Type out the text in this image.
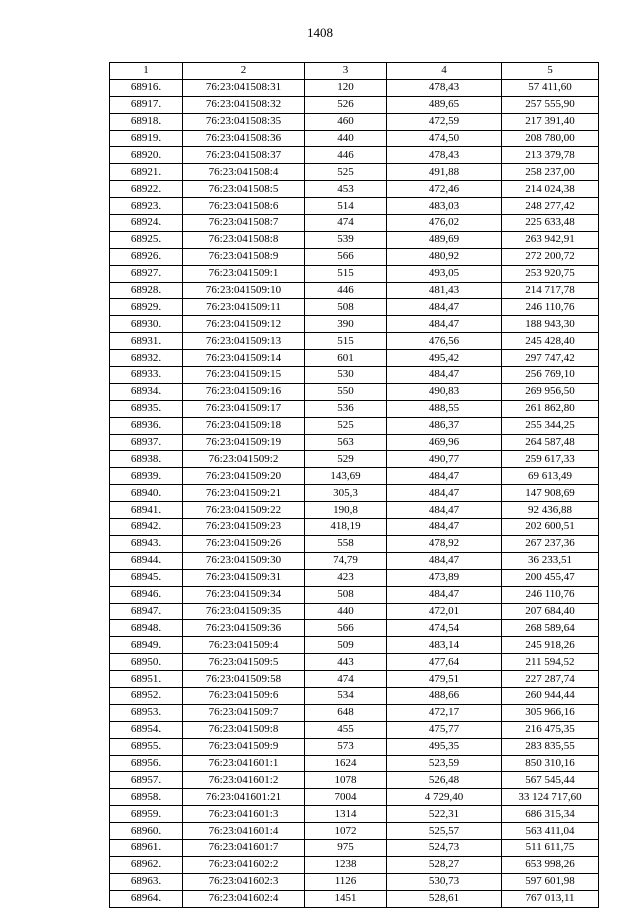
1408
1	2	3	4	5
68916.	76:23:041508:31	120	478,43	57 411,60
68917.	76:23:041508:32	526	489,65	257 555,90
68918.	76:23:041508:35	460	472,59	217 391,40
68919.	76:23:041508:36	440	474,50	208 780,00
68920.	76:23:041508:37	446	478,43	213 379,78
68921.	76:23:041508:4	525	491,88	258 237,00
68922.	76:23:041508:5	453	472,46	214 024,38
68923.	76:23:041508:6	514	483,03	248 277,42
68924.	76:23:041508:7	474	476,02	225 633,48
68925.	76:23:041508:8	539	489,69	263 942,91
68926.	76:23:041508:9	566	480,92	272 200,72
68927.	76:23:041509:1	515	493,05	253 920,75
68928.	76:23:041509:10	446	481,43	214 717,78
68929.	76:23:041509:11	508	484,47	246 110,76
68930.	76:23:041509:12	390	484,47	188 943,30
68931.	76:23:041509:13	515	476,56	245 428,40
68932.	76:23:041509:14	601	495,42	297 747,42
68933.	76:23:041509:15	530	484,47	256 769,10
68934.	76:23:041509:16	550	490,83	269 956,50
68935.	76:23:041509:17	536	488,55	261 862,80
68936.	76:23:041509:18	525	486,37	255 344,25
68937.	76:23:041509:19	563	469,96	264 587,48
68938.	76:23:041509:2	529	490,77	259 617,33
68939.	76:23:041509:20	143,69	484,47	69 613,49
68940.	76:23:041509:21	305,3	484,47	147 908,69
68941.	76:23:041509:22	190,8	484,47	92 436,88
68942.	76:23:041509:23	418,19	484,47	202 600,51
68943.	76:23:041509:26	558	478,92	267 237,36
68944.	76:23:041509:30	74,79	484,47	36 233,51
68945.	76:23:041509:31	423	473,89	200 455,47
68946.	76:23:041509:34	508	484,47	246 110,76
68947.	76:23:041509:35	440	472,01	207 684,40
68948.	76:23:041509:36	566	474,54	268 589,64
68949.	76:23:041509:4	509	483,14	245 918,26
68950.	76:23:041509:5	443	477,64	211 594,52
68951.	76:23:041509:58	474	479,51	227 287,74
68952.	76:23:041509:6	534	488,66	260 944,44
68953.	76:23:041509:7	648	472,17	305 966,16
68954.	76:23:041509:8	455	475,77	216 475,35
68955.	76:23:041509:9	573	495,35	283 835,55
68956.	76:23:041601:1	1624	523,59	850 310,16
68957.	76:23:041601:2	1078	526,48	567 545,44
68958.	76:23:041601:21	7004	4 729,40	33 124 717,60
68959.	76:23:041601:3	1314	522,31	686 315,34
68960.	76:23:041601:4	1072	525,57	563 411,04
68961.	76:23:041601:7	975	524,73	511 611,75
68962.	76:23:041602:2	1238	528,27	653 998,26
68963.	76:23:041602:3	1126	530,73	597 601,98
68964.	76:23:041602:4	1451	528,61	767 013,11
